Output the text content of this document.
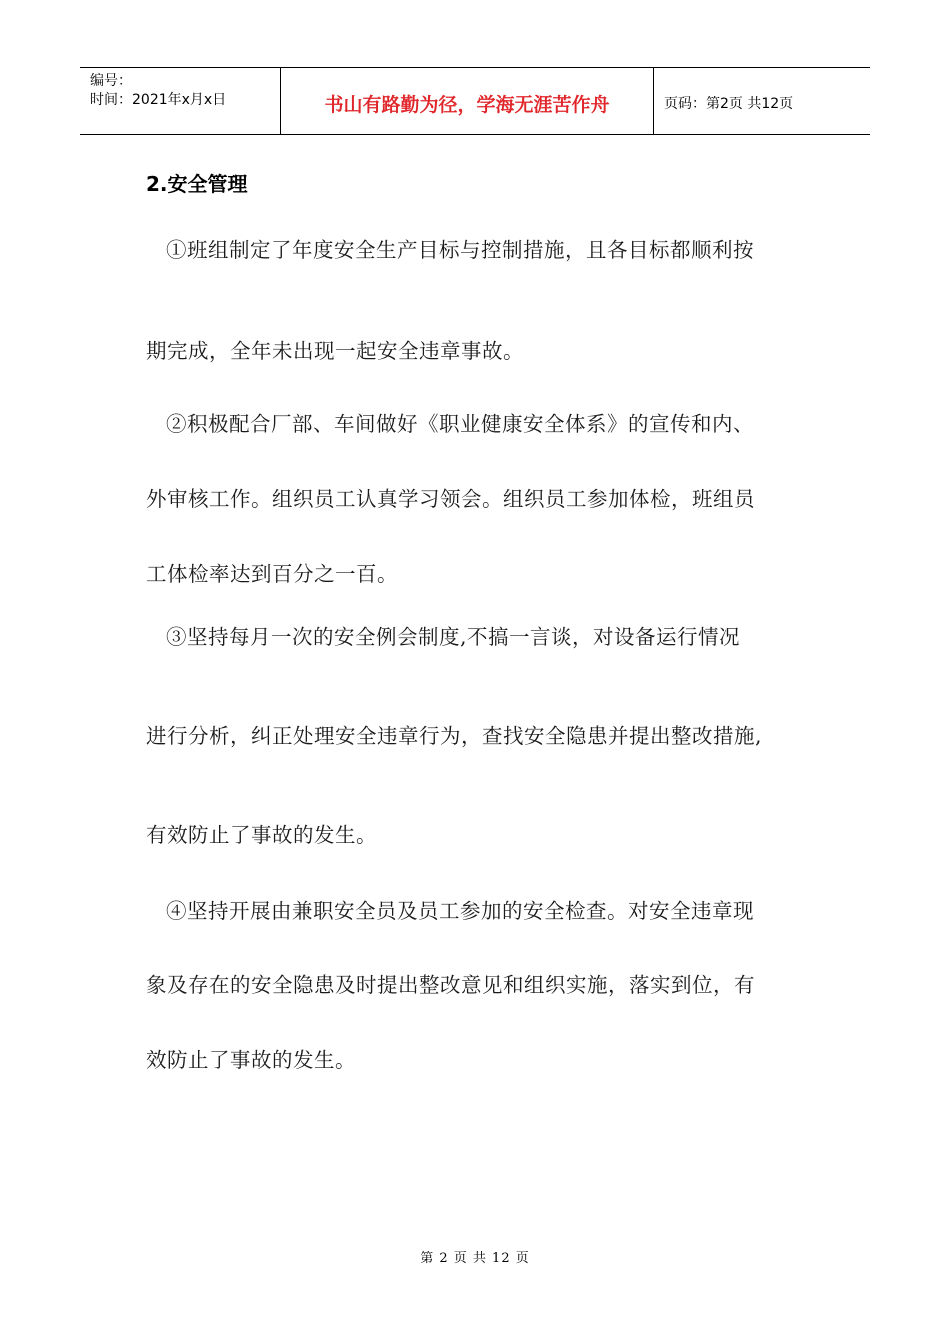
编号：
时间：2021年x月x日	书山有路勤为径，学海无涯苦作舟	页码：第2页 共12页
2.安全管理
①班组制定了年度安全生产目标与控制措施，且各目标都顺利按
期完成，全年未出现一起安全违章事故。
②积极配合厂部、车间做好《职业健康安全体系》的宣传和内、
外审核工作。组织员工认真学习领会。组织员工参加体检，班组员
工体检率达到百分之一百。
③坚持每月一次的安全例会制度,不搞一言谈，对设备运行情况
进行分析，纠正处理安全违章行为，查找安全隐患并提出整改措施,
有效防止了事故的发生。
④坚持开展由兼职安全员及员工参加的安全检查。对安全违章现
象及存在的安全隐患及时提出整改意见和组织实施，落实到位，有
效防止了事故的发生。
第 2 页 共 12 页
